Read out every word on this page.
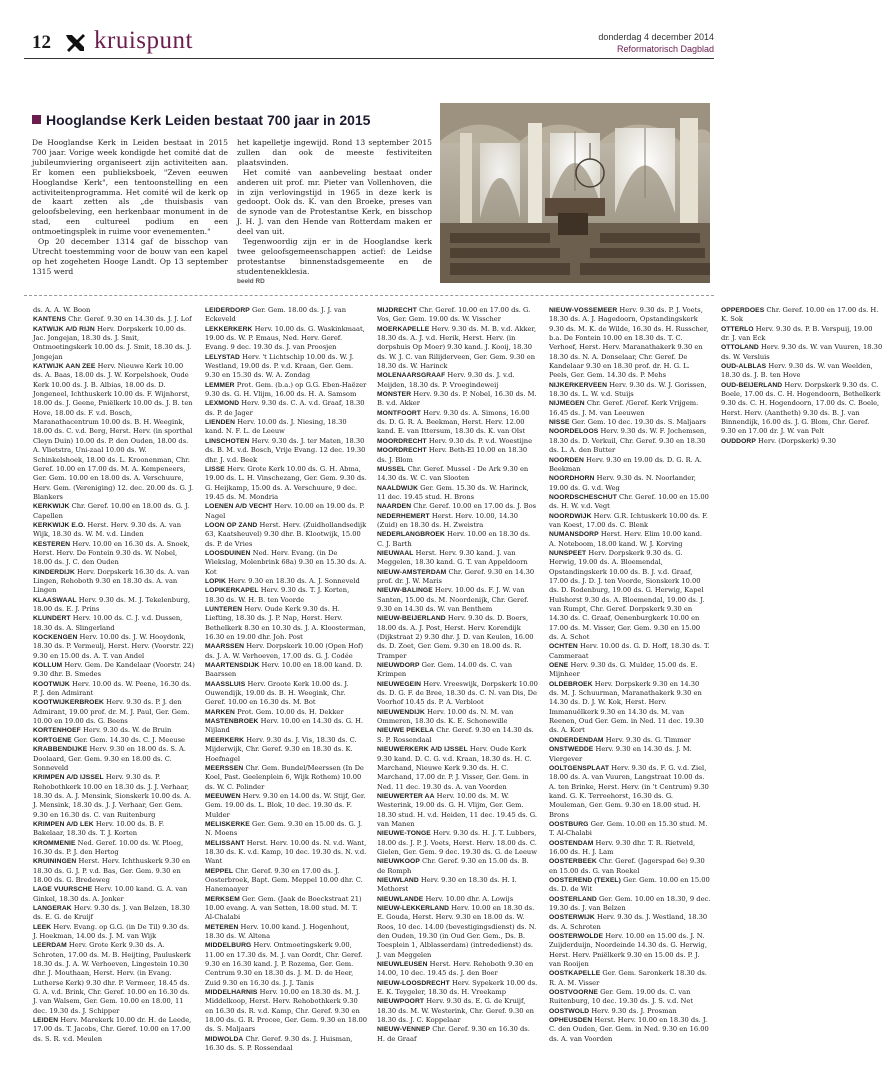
12 kruispunt	donderdag 4 december 2014
Reformatorisch Dagblad
Hooglandse Kerk Leiden bestaat 700 jaar in 2015

De Hooglandse Kerk in Leiden bestaat in 2015 700 jaar. Vorige week kondigde het comité dat de jubileumviering organiseert zijn activiteiten aan. Er komen een publieksboek, "Zeven eeuwen Hooglandse Kerk", een tentoonstelling en een activiteitenprogramma. Het comité wil de kerk op de kaart zetten als „de thuisbasis van geloofsbeleving, een herkenbaar monument in de stad, een cultureel podium en een ontmoetingsplek in ruime voor evenementen."

Op 20 december 1314 gaf de bisschop van Utrecht toestemming voor de bouw van een kapel op het zogeheten Hooge Landt. Op 13 september 1315 werd

het kapelletje ingewijd. Rond 13 september 2015 zullen dan ook de meeste festiviteiten plaatsvinden.

Het comité van aanbeveling bestaat onder anderen uit prof. mr. Pieter van Vollenhoven, die in zijn verlovingstijd in 1965 in deze kerk is gedoopt. Ook ds. K. van den Broeke, preses van de synode van de Protestantse Kerk, en bisschop J. H. J. van den Hende van Rotterdam maken er deel van uit.

Tegenwoordig zijn er in de Hooglandse kerk twee geloofsgemeenschappen actief: de Leidse protestantse binnenstadsgemeente en de studentenekklesia.

beeld RD

ds. A. A. W. Boon

KANTENS Chr. Geref. 9.30 en 14.30 ds. J. J. Lof

KATWIJK A/D RIJN Herv. Dorpskerk 10.00 ds. Jac. Jongejan, 18.30 ds. J. Smit, Ontmoetingskerk 10.00 ds. J. Smit, 18.30 ds. J. Jongejan

KATWIJK AAN ZEE Herv. Nieuwe Kerk 10.00 ds. A. Baas, 18.00 ds. J. W. Korpelshoek, Oude Kerk 10.00 ds. J. B. Albias, 18.00 ds. D. Jongeneel, Ichthuskerk 10.00 ds. F. Wijnhorst, 18.00 ds. J. Geene, Pniëlkerk 10.00 ds. J. B. ten Hove, 18.00 ds. F. v.d. Bosch, Maranathacentrum 10.00 ds. B. H. Weegink, 18.00 ds. C. v.d. Berg, Herst. Herv. (in sporthal Cleyn Duin) 10.00 ds. P. den Ouden, 18.00 ds. A. Vlietstra, Uni-zaal 10.00 ds. W. Schinkelshoek, 18.00 ds. L. Kroonenman, Chr. Geref. 10.00 en 17.00 ds. M. A. Kempeneers, Ger. Gem. 10.00 en 18.00 ds. A. Verschuure, Herv. Gem. (Vereniging) 12. dec. 20.00 ds. G. J. Blankers

KERKWIJK Chr. Geref. 10.00 en 18.00 ds. G. J. Capellen

KERKWIJK E.O. Herst. Herv. 9.30 ds. A. van Wijk, 18.30 ds. W. M. v.d. Linden

KESTEREN Herv. 10.00 en 16.30 ds. A. Snoek, Herst. Herv. De Fontein 9.30 ds. W. Nobel, 18.00 ds. J. C. den Ouden

KINDERDIJK Herv. Dorpskerk 16.30 ds. A. van Lingen, Rehoboth 9.30 en 18.30 ds. A. van Lingen

KLAASWAAL Herv. 9.30 ds. M. J. Tekelenburg, 18.00 ds. E. J. Prins

KLUNDERT Herv. 10.00 ds. C. J. v.d. Dussen, 18.30 ds. A. Slingerland

KOCKENGEN Herv. 10.00 ds. J. W. Hooydonk, 18.30 ds. P. Vermeulj, Herst. Herv. (Voorstr. 22) 9.30 en 15.00 ds. A. T. van Andel

KOLLUM Herv. Gem. De Kandelaar (Voorstr. 24) 9.30 dhr. B. Smedes

KOOTWIJK Herv. 10.00 ds. W. Peene, 16.30 ds. P. J. den Admirant

KOOTWIJKERBROEK Herv. 9.30 ds. P. J. den Admirant, 19.00 prof. dr. M. J. Paul, Ger. Gem. 10.00 en 19.00 ds. G. Beens

KORTENHOEF Herv. 9.30 ds. W. de Bruin

KORTGENE Ger. Gem. 14.30 ds. C. J. Meeuse

KRABBENDIJKE Herv. 9.30 en 18.00 ds. S. A. Doolaard, Ger. Gem. 9.30 en 18.00 ds. C. Sonneveld

KRIMPEN A/D IJSSEL Herv. 9.30 ds. P. Rehobothkerk 10.00 en 18.30 ds. J. J. Verhaar, 18.30 ds. A. J. Mensink, Sionskerk 10.00 ds. A. J. Mensink, 18.30 ds. J. J. Verhaar, Ger. Gem. 9.30 en 16.30 ds. C. van Ruitenburg

KRIMPEN A/D LEK Herv. 10.00 ds. B. F. Bakelaar, 18.30 ds. T. J. Korten

KROMMENIE Ned. Geref. 10.00 ds. W. Ploeg, 16.30 ds. P. J. den Hertog

KRUININGEN Herst. Herv. Ichthuskerk 9.30 en 18.30 ds. G. J. P. v.d. Bas, Ger. Gem. 9.30 en 18.00 ds. G. Bredeweg

LAGE VUURSCHE Herv. 10.00 kand. G. A. van Ginkel, 18.30 ds. A. Jonker

LANGERAK Herv. 9.30 ds. J. van Belzen, 18.30 ds. E. G. de Kruijf

LEEK Herv. Evang. op G.G. (in De Til) 9.30 ds. J. Hoekman, 14.00 ds. J. M. van Wijk

LEERDAM Herv. Grote Kerk 9.30 ds. A. Schroten, 17.00 ds. M. B. Heijting, Pauluskerk 18.30 ds. J. A. W. Verhoeven, Lingestein 10.30 dhr. J. Mouthaan, Herst. Herv. (in Evang. Lutherse Kerk) 9.30 dhr. P. Vermeer, 18.45 ds. G. A. v.d. Brink, Chr. Geref. 10.00 en 16.30 ds. J. van Walsem, Ger. Gem. 10.00 en 18.00, 11 dec. 19.30 ds. J. Schipper

LEIDEN Herv. Marekerk 10.00 dr. H. de Leede, 17.00 ds. T. Jacobs, Chr. Geref. 10.00 en 17.00 ds. S. R. v.d. Meulen

LEIDERDORP Ger. Gem. 18.00 ds. J. J. van Eckeveld

LEKKERKERK Herv. 10.00 ds. G. Waskinkmaat, 19.00 ds. W. P. Emaus, Ned. Herv. Geref. Evang. 9 dec. 19.30 ds. J. van Proosjen

LELYSTAD Herv. 't Lichtschip 10.00 ds. W. J. Westland, 19.00 ds. P. v.d. Kraan, Ger. Gem. 9.30 en 15.30 ds. W. A. Zondag

LEMMER Prot. Gem. (b.a.) op G.G. Eben-Haëzer 9.30 ds. G. H. Vlijm, 16.00 ds. H. A. Samsom

LEXMOND Herv. 9.30 ds. C. A. v.d. Graaf, 18.30 ds. P. de Jager

LIENDEN Herv. 10.00 ds. J. Niesing, 18.30 kand. N. F. L. de Leeuw

LINSCHOTEN Herv. 9.30 ds. J. ter Maten, 18.30 ds. B. M. v.d. Bosch, Vrije Evang. 12 dec. 19.30 dhr. J. v.d. Beek

LISSE Herv. Grote Kerk 10.00 ds. G. H. Abma, 19.00 ds. L. H. Vinschezang, Ger. Gem. 9.30 ds. G. Heijkamp, 15.00 ds. A. Verschuure, 9 dec. 19.45 ds. M. Mondria

LOENEN A/D VECHT Herv. 10.00 en 19.00 ds. P. Nagel

LOON OP ZAND Herst. Herv. (Zuidhollandsedijk 63, Kaatsheuvel) 9.30 dhr. B. Klootwijk, 15.00 ds. P. de Vries

LOOSDUINEN Ned. Herv. Evang. (in De Wiekslag, Molenbrink 68a) 9.30 en 15.30 ds. A. Kot

LOPIK Herv. 9.30 en 18.30 ds. A. J. Sonneveld

LOPIKERKAPEL Herv. 9.30 ds. T. J. Korten, 18.30 ds. W. H. B. ten Voorde

LUNTEREN Herv. Oude Kerk 9.30 ds. H. Liefting, 18.30 ds. J. P. Nap, Herst. Herv. Bethelkerk 8.30 en 10.30 ds. J. A. Kloosterman, 16.30 en 19.00 dhr. Joh. Post

MAARSSEN Herv. Dorpskerk 10.00 (Open Hof) ds. J. A. W. Verhoeven, 17.00 ds. G. J. Codée

MAARTENSDIJK Herv. 10.00 en 18.00 kand. D. Baarssen

MAASSLUIS Herv. Groote Kerk 10.00 ds. J. Ouwendijk, 19.00 ds. B. H. Weegink, Chr. Geref. 10.00 en 16.30 ds. M. Bot

MARKEN Prot. Gem. 10.00 ds. H. Dekker

MASTENBROEK Herv. 10.00 en 14.30 ds. G. H. Nijland

MEERKERK Herv. 9.30 ds. J. Vis, 18.30 ds. C. Mijderwijk, Chr. Geref. 9.30 en 18.30 ds. K. Hoefnagel

MEERSSEN Chr. Gem. Bundel/Meerssen (In De Koel, Past. Geelenplein 6, Wijk Rothem) 10.00 ds. W. C. Polinder

MEEUWEN Herv. 9.30 en 14.00 ds. W. Stijf, Ger. Gem. 19.00 ds. L. Blok, 10 dec. 19.30 ds. F. Mulder

MELISKERKE Ger. Gem. 9.30 en 15.00 ds. G. J. N. Moens

MELISSANT Herst. Herv. 10.00 ds. N. v.d. Want, 18.30 ds. K. v.d. Kamp, 10 dec. 19.30 ds. N. v.d. Want

MEPPEL Chr. Geref. 9.30 en 17.00 ds. J. Oosterbroek, Bapt. Gem. Meppel 10.00 dhr. C. Hanemaayer

MERKSEM Ger. Gem. (Jaak de Boeckstraat 21) 10.00 evang. A. van Setten, 18.00 stud. M. T. Al-Chalabi

METEREN Herv. 10.00 kand. J. Hogenhout, 18.30 ds. W. Altena

MIDDELBURG Herv. Ontmoetingskerk 9.00, 11.00 en 17.30 ds. M. J. van Oordt, Chr. Geref. 9.30 en 16.30 kand. J. P. Rozema, Ger. Gem. Centrum 9.30 en 18.30 ds. J. M. D. de Heer, Zuid 9.30 en 16.30 ds. J. J. Tanis

MIDDELHARNIS Herv. 10.00 en 18.30 ds. M. J. Middelkoop, Herst. Herv. Rehobothkerk 9.30 en 16.30 ds. R. v.d. Kamp, Chr. Geref. 9.30 en 18.00 ds. G. R. Procee, Ger. Gem. 9.30 en 18.00 ds. S. Maljaars

MIDWOLDA Chr. Geref. 9.30 ds. J. Huisman, 16.30 ds. S. P. Rossendaal

MIJDRECHT Chr. Geref. 10.00 en 17.00 ds. G. Vos, Ger. Gem. 19.00 ds. W. Visscher

MOERKAPELLE Herv. 9.30 ds. M. B. v.d. Akker, 18.30 ds. A. J. v.d. Herik, Herst. Herv. (in dorpshuis Op Moer) 9.30 kand. J. Kooij, 18.30 ds. W. J. C. van Rilijderveen, Ger. Gem. 9.30 en 18.30 ds. W. Harinck

MOLENAARSGRAAF Herv. 9.30 ds. J. v.d. Meijden, 18.30 ds. P. Vroegindeweij

MONSTER Herv. 9.30 ds. P. Nobel, 16.30 ds. M. B. v.d. Akker

MONTFOORT Herv. 9.30 ds. A. Simons, 16.00 ds. D. G. R. A. Beekman, Herst. Herv. 12.00 kand. E. van Ittersum, 18.30 ds. K. van Olst

MOORDRECHT Herv. 9.30 ds. P. v.d. Woestijne

MOORDRECHT Herv. Beth-El 10.00 en 18.30 ds. J. Blom

MUSSEL Chr. Geref. Mussel - De Ark 9.30 en 14.30 ds. W. C. van Slooten

NAALDWIJK Ger. Gem. 15.30 ds. W. Harinck, 11 dec. 19.45 stud. H. Brons

NAARDEN Chr. Geref. 10.00 en 17.00 ds. J. Bos

NEDERHEMERT Herst. Herv. 10.00, 14.30 (Zuid) en 18.30 ds. H. Zweistra

NEDERLANGBROEK Herv. 10.00 en 18.30 ds. C. J. Barth

NIEUWAAL Herst. Herv. 9.30 kand. J. van Meggelen, 18.30 kand. G. T. van Appeldoorn

NIEUW-AMSTERDAM Chr. Geref. 9.30 en 14.30 prof. dr. J. W. Maris

NIEUW-BALINGE Herv. 10.00 ds. F. J. W. van Santen, 15.00 ds. M. Noordenijk, Chr. Geref. 9.30 en 14.30 ds. W. van Benthem

NIEUW-BEIJERLAND Herv. 9.30 ds. D. Boers, 18.00 ds. A. J. Post, Herst. Herv. Korendijk (Dijkstraat 2) 9.30 dhr. J. D. van Keulen, 16.00 ds. D. Zoet, Ger. Gem. 9.30 en 18.00 ds. R. Tramper

NIEUWDORP Ger. Gem. 14.00 ds. C. van Krimpen

NIEUWEGEIN Herv. Vreeswijk, Dorpskerk 10.00 ds. D. G. F. de Bree, 18.30 ds. C. N. van Dis, De Voorhof 10.45 ds. P. A. Verbloot

NIEUWENDIJK Herv. 10.00 ds. N. M. van Ommeren, 18.30 ds. K. E. Schonewille

NIEUWE PEKELA Chr. Geref. 9.30 en 14.30 ds. S. P. Rossendaal

NIEUWERKERK A/D IJSSEL Herv. Oude Kerk 9.30 kand. D. C. G. v.d. Kraan, 18.30 ds. H. C. Marchand, Nieuwe Kerk 9.30 ds. H. C. Marchand, 17.00 dr. P. J. Visser, Ger. Gem. in Ned. 11 dec. 19.30 ds. A. van Voorden

NIEUWERTER AA Herv. 10.00 ds. M. W. Westerink, 19.00 ds. G. H. Vlijm, Ger. Gem. 18.30 stud. H. v.d. Heiden, 11 dec. 19.45 ds. G. van Manen

NIEUWE-TONGE Herv. 9.30 ds. H. J. T. Lubbers, 18.00 ds. J. P. J. Voets, Herst. Herv. 18.00 ds. C. Gielen, Ger. Gem. 9 dec. 19.30 ds. G. de Leeuw

NIEUWKOOP Chr. Geref. 9.30 en 15.00 ds. B. de Romph

NIEUWLAND Herv. 9.30 en 18.30 ds. H. I. Methorst

NIEUWLANDE Herv. 10.00 dhr. A. Lowijs

NIEUW-LEKKERLAND Herv. 10.00 en 18.30 ds. E. Gouda, Herst. Herv. 9.30 en 18.00 ds. W. Roos, 10 dec. 14.00 (bevestigingsdienst) ds. N. den Ouden, 19.30 (in Oud Ger. Gem., Ds. B. Toesplein 1, Alblasserdam) (intrededienst) ds. J. van Meggelen

NIEUWLEUSEN Herst. Herv. Rehoboth 9.30 en 14.00, 10 dec. 19.45 ds. J. den Boer

NIEUW-LOOSDRECHT Herv. Sypekerk 10.00 ds. E. K. Teygeler, 18.30 ds. H. Vreekamp

NIEUWPOORT Herv. 9.30 ds. E. G. de Kruijf, 18.30 ds. M. W. Westerink, Chr. Geref. 9.30 en 18.30 ds. J. C. Koppelaar

NIEUW-VENNEP Chr. Geref. 9.30 en 16.30 ds. H. de Graaf

NIEUW-VOSSEMEER Herv. 9.30 ds. P. J. Voets, 18.30 ds. A. J. Hagedoorn, Opstandingskerk 9.30 ds. M. K. de Wilde, 16.30 ds. H. Russcher, b.a. De Fontein 10.00 en 18.30 ds. T. C. Verhoef, Herst. Herv. Maranathakerk 9.30 en 18.30 ds. N. A. Donselaar, Chr. Geref. De Kandelaar 9.30 en 18.30 prof. dr. H. G. L. Peels, Ger. Gem. 14.30 ds. P. Mehs

NIJKERKERVEEN Herv. 9.30 ds. W. J. Gorissen, 18.30 ds. L. W. v.d. Stuijs

NIJMEGEN Chr. Geref. /Geref. Kerk Vrijgem. 16.45 ds. J. M. van Leeuwen

NISSE Ger. Gem. 10 dec. 19.30 ds. S. Maljaars

NOORDELOOS Herv. 9.30 ds. W. F. Jochemsen, 18.30 ds. D. Verkuil, Chr. Geref. 9.30 en 18.30 ds. L. A. den Butter

NOORDEN Herv. 9.30 en 19.00 ds. D. G. R. A. Beekman

NOORDHORN Herv. 9.30 ds. N. Noorlander, 19.00 ds. G. v.d. Weg

NOORDSCHESCHUT Chr. Geref. 10.00 en 15.00 ds. H. W. v.d. Vegt

NOORDWIJK Herv. G.R. Ichtuskerk 10.00 ds. F. van Koest, 17.00 ds. C. Blenk

NUMANSDORP Herst. Herv. Elim 10.00 kand. A. Noteboom, 18.00 kand. W. J. Korving

NUNSPEET Herv. Dorpskerk 9.30 ds. G. Herwig, 19.00 ds. A. Bloemendal, Opstandingskerk 10.00 ds. B. J. v.d. Graaf, 17.00 ds. J. D. J. ten Voorde, Sionskerk 10.00 ds. D. Rodenburg, 19.00 ds. G. Herwig, Kapel Hulshorst 9.30 ds. A. Bloemendal, 19.00 ds. J. van Rumpt, Chr. Geref. Dorpskerk 9.30 en 14.30 ds. C. Graaf, Oenenburgkerk 10.00 en 17.00 ds. M. Visser, Ger. Gem. 9.30 en 15.00 ds. A. Schot

OCHTEN Herv. 10.00 ds. G. D. Hoff, 18.30 ds. T. Cammeraat

OENE Herv. 9.30 ds. G. Mulder, 15.00 ds. E. Mijnheer

OLDEBROEK Herv. Dorpskerk 9.30 en 14.30 ds. M. J. Schuurman, Maranathakerk 9.30 en 14.30 ds. D. J. W. Kok, Herst. Herv. Immanuëlkerk 9.30 en 14.30 ds. M. van Reenen, Oud Ger. Gem. in Ned. 11 dec. 19.30 ds. A. Kort

ONDERDENDAM Herv. 9.30 ds. G. Timmer

ONSTWEDDE Herv. 9.30 en 14.30 ds. J. M. Viergever

OOLTGENSPLAAT Herv. 9.30 ds. F. G. v.d. Ziel, 18.00 ds. A. van Vuuren, Langstraat 10.00 ds. A. ten Brinke, Herst. Herv. (in 't Centrum) 9.30 kand. G. K. Terreehorst, 16.30 ds. G. Mouleman, Ger. Gem. 9.30 en 18.00 stud. H. Brons

OOSTBURG Ger. Gem. 10.00 en 15.30 stud. M. T. Al-Chalabi

OOSTENDAM Herv. 9.30 dhr. T. R. Rietveld, 16.00 ds. H. J. Lam

OOSTERBEEK Chr. Geref. (Jagerspad 6e) 9.30 en 15.00 ds. G. van Roekel

OOSTEREND (TEXEL) Ger. Gem. 10.00 en 15.00 ds. D. de Wit

OOSTERLAND Ger. Gem. 10.00 en 18.30, 9 dec. 19.30 ds. J. van Belzen

OOSTERWIJK Herv. 9.30 ds. J. Westland, 18.30 ds. A. Schroten

OOSTERWOLDE Herv. 10.00 en 15.00 ds. J. N. Zuijderduijn, Noordeinde 14.30 ds. G. Herwig, Herst. Herv. Pniëlkerk 9.30 en 15.00 ds. P. J. van Rooijen

OOSTKAPELLE Ger. Gem. Saronkerk 18.30 ds. R. A. M. Visser

OOSTVOORNE Ger. Gem. 19.00 ds. C. van Ruitenburg, 10 dec. 19.30 ds. J. S. v.d. Net

OOSTWOLD Herv. 9.30 ds. J. Prosman

OPHEUSDEN Herst. Herv. 10.00 en 18.30 ds. J. C. den Ouden, Ger. Gem. in Ned. 9.30 en 16.00 ds. A. van Voorden

OPPERDOES Chr. Geref. 10.00 en 17.00 ds. H. K. Sok

OTTERLO Herv. 9.30 ds. P. B. Verspuij, 19.00 dr. J. van Eck

OTTOLAND Herv. 9.30 ds. W. van Vuuren, 18.30 ds. W. Versluis

OUD-ALBLAS Herv. 9.30 ds. W. van Weelden, 18.30 ds. J. B. ten Hove

OUD-BEIJERLAND Herv. Dorpskerk 9.30 ds. C. Boele, 17.00 ds. C. H. Hogendoorn, Bethelkerk 9.30 ds. C. H. Hogendoorn, 17.00 ds. C. Boele, Herst. Herv. (Aantheth) 9.30 ds. B. J. van Binnendijk, 16.00 ds. J. G. Blom, Chr. Geref. 9.30 en 17.00 dr. J. W. van Pelt

OUDDORP Herv. (Dorpskerk) 9.30
